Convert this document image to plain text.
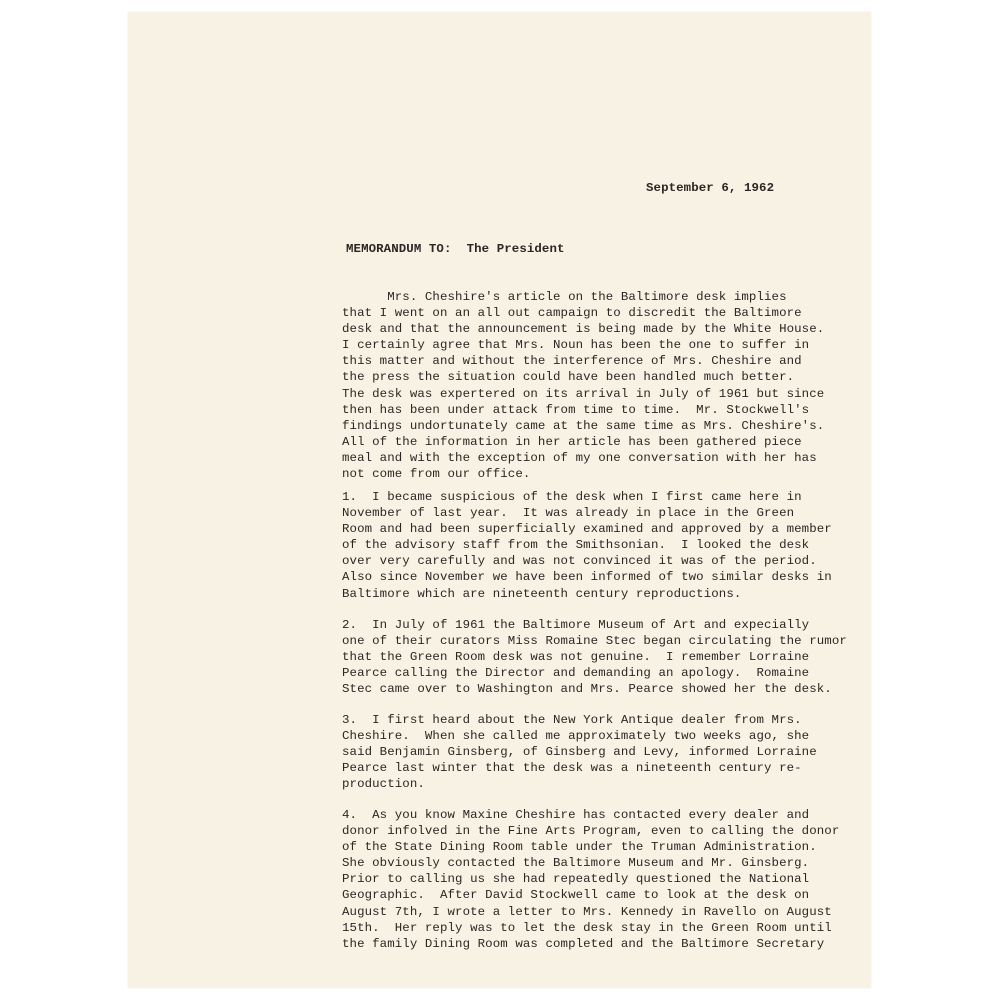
September 6, 1962

MEMORANDUM TO:  The President

Mrs. Cheshire's article on the Baltimore desk implies
that I went on an all out campaign to discredit the Baltimore
desk and that the announcement is being made by the White House.
I certainly agree that Mrs. Noun has been the one to suffer in
this matter and without the interference of Mrs. Cheshire and
the press the situation could have been handled much better.
The desk was expertered on its arrival in July of 1961 but since
then has been under attack from time to time.  Mr. Stockwell's
findings undortunately came at the same time as Mrs. Cheshire's.
All of the information in her article has been gathered piece
meal and with the exception of my one conversation with her has
not come from our office.
1.  I became suspicious of the desk when I first came here in
November of last year.  It was already in place in the Green
Room and had been superficially examined and approved by a member
of the advisory staff from the Smithsonian.  I looked the desk
over very carefully and was not convinced it was of the period.
Also since November we have been informed of two similar desks in
Baltimore which are nineteenth century reproductions.
2.  In July of 1961 the Baltimore Museum of Art and expecially
one of their curators Miss Romaine Stec began circulating the rumor
that the Green Room desk was not genuine.  I remember Lorraine
Pearce calling the Director and demanding an apology.  Romaine
Stec came over to Washington and Mrs. Pearce showed her the desk.
3.  I first heard about the New York Antique dealer from Mrs.
Cheshire.  When she called me approximately two weeks ago, she
said Benjamin Ginsberg, of Ginsberg and Levy, informed Lorraine
Pearce last winter that the desk was a nineteenth century re-
production.
4.  As you know Maxine Cheshire has contacted every dealer and
donor infolved in the Fine Arts Program, even to calling the donor
of the State Dining Room table under the Truman Administration.
She obviously contacted the Baltimore Museum and Mr. Ginsberg.
Prior to calling us she had repeatedly questioned the National
Geographic.  After David Stockwell came to look at the desk on
August 7th, I wrote a letter to Mrs. Kennedy in Ravello on August
15th.  Her reply was to let the desk stay in the Green Room until
the family Dining Room was completed and the Baltimore Secretary
